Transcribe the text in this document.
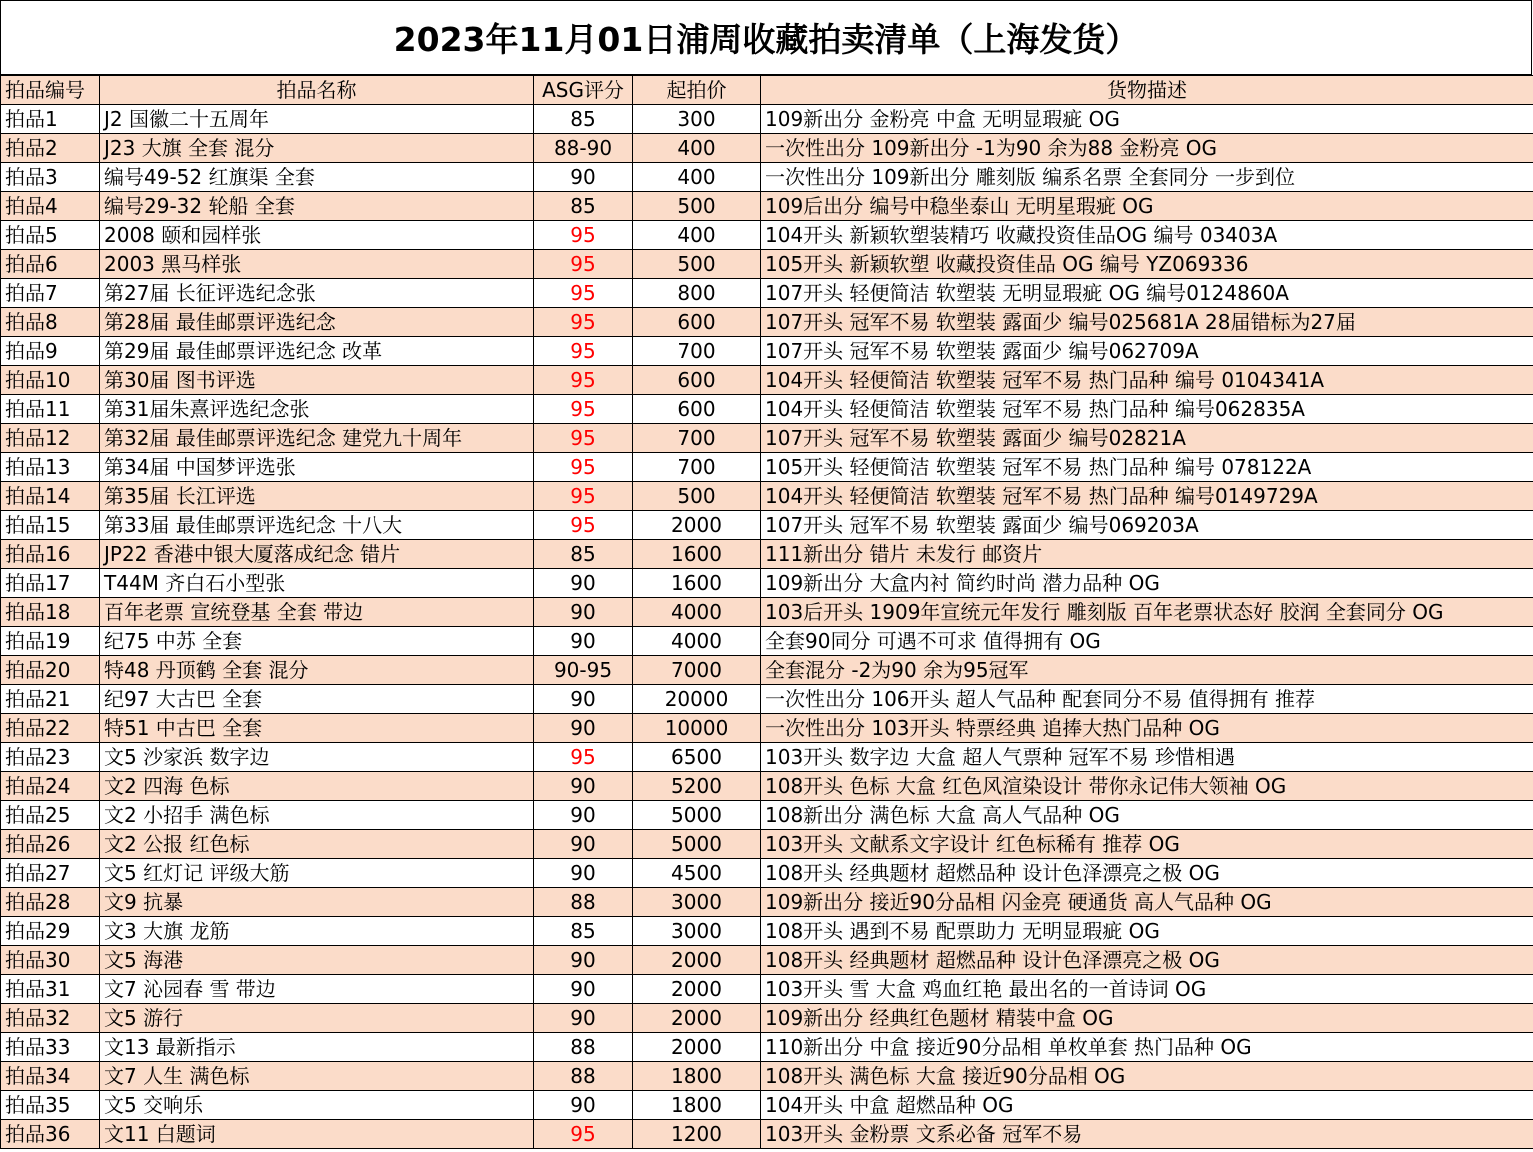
2023年11月01日浦周收藏拍卖清单（上海发货）
拍品编号	拍品名称	ASG评分	起拍价	货物描述
拍品1	J2 国徽二十五周年	85	300	109新出分 金粉亮 中盒 无明显瑕疵 OG
拍品2	J23 大旗 全套 混分	88-90	400	一次性出分 109新出分 -1为90 余为88 金粉亮 OG
拍品3	编号49-52 红旗渠 全套	90	400	一次性出分 109新出分 雕刻版 编系名票 全套同分 一步到位
拍品4	编号29-32 轮船 全套	85	500	109后出分 编号中稳坐泰山 无明星瑕疵 OG
拍品5	2008 颐和园样张	95	400	104开头 新颖软塑装精巧 收藏投资佳品OG 编号 03403A
拍品6	2003 黑马样张	95	500	105开头 新颖软塑 收藏投资佳品 OG 编号 YZ069336
拍品7	第27届 长征评选纪念张	95	800	107开头 轻便简洁 软塑装 无明显瑕疵 OG 编号0124860A
拍品8	第28届 最佳邮票评选纪念	95	600	107开头 冠军不易 软塑装 露面少 编号025681A 28届错标为27届
拍品9	第29届 最佳邮票评选纪念 改革	95	700	107开头 冠军不易 软塑装 露面少 编号062709A
拍品10	第30届 图书评选	95	600	104开头 轻便简洁 软塑装 冠军不易 热门品种 编号 0104341A
拍品11	第31届朱熹评选纪念张	95	600	104开头 轻便简洁 软塑装 冠军不易 热门品种 编号062835A
拍品12	第32届 最佳邮票评选纪念 建党九十周年	95	700	107开头 冠军不易 软塑装 露面少 编号02821A
拍品13	第34届 中国梦评选张	95	700	105开头 轻便简洁 软塑装 冠军不易 热门品种 编号 078122A
拍品14	第35届 长江评选	95	500	104开头 轻便简洁 软塑装 冠军不易 热门品种 编号0149729A
拍品15	第33届 最佳邮票评选纪念 十八大	95	2000	107开头 冠军不易 软塑装 露面少 编号069203A
拍品16	JP22 香港中银大厦落成纪念 错片	85	1600	111新出分 错片 未发行 邮资片
拍品17	T44M 齐白石小型张	90	1600	109新出分 大盒内衬 简约时尚 潜力品种 OG
拍品18	百年老票 宣统登基 全套 带边	90	4000	103后开头 1909年宣统元年发行 雕刻版 百年老票状态好 胶润 全套同分 OG
拍品19	纪75 中苏 全套	90	4000	全套90同分 可遇不可求 值得拥有 OG
拍品20	特48 丹顶鹤 全套 混分	90-95	7000	全套混分 -2为90 余为95冠军
拍品21	纪97 大古巴 全套	90	20000	一次性出分 106开头 超人气品种 配套同分不易 值得拥有 推荐
拍品22	特51 中古巴 全套	90	10000	一次性出分 103开头 特票经典 追捧大热门品种 OG
拍品23	文5 沙家浜 数字边	95	6500	103开头 数字边 大盒 超人气票种 冠军不易 珍惜相遇
拍品24	文2 四海 色标	90	5200	108开头 色标 大盒 红色风渲染设计 带你永记伟大领袖 OG
拍品25	文2 小招手 满色标	90	5000	108新出分 满色标 大盒 高人气品种 OG
拍品26	文2 公报 红色标	90	5000	103开头 文献系文字设计 红色标稀有 推荐 OG
拍品27	文5 红灯记 评级大筋	90	4500	108开头 经典题材 超燃品种 设计色泽漂亮之极 OG
拍品28	文9 抗暴	88	3000	109新出分 接近90分品相 闪金亮 硬通货 高人气品种 OG
拍品29	文3 大旗 龙筋	85	3000	108开头 遇到不易 配票助力 无明显瑕疵 OG
拍品30	文5 海港	90	2000	108开头 经典题材 超燃品种 设计色泽漂亮之极 OG
拍品31	文7 沁园春 雪 带边	90	2000	103开头 雪 大盒 鸡血红艳 最出名的一首诗词 OG
拍品32	文5 游行	90	2000	109新出分 经典红色题材 精装中盒 OG
拍品33	文13 最新指示	88	2000	110新出分 中盒 接近90分品相 单枚单套 热门品种 OG
拍品34	文7 人生 满色标	88	1800	108开头 满色标 大盒 接近90分品相 OG
拍品35	文5 交响乐	90	1800	104开头 中盒 超燃品种 OG
拍品36	文11 白题词	95	1200	103开头 金粉票 文系必备 冠军不易
